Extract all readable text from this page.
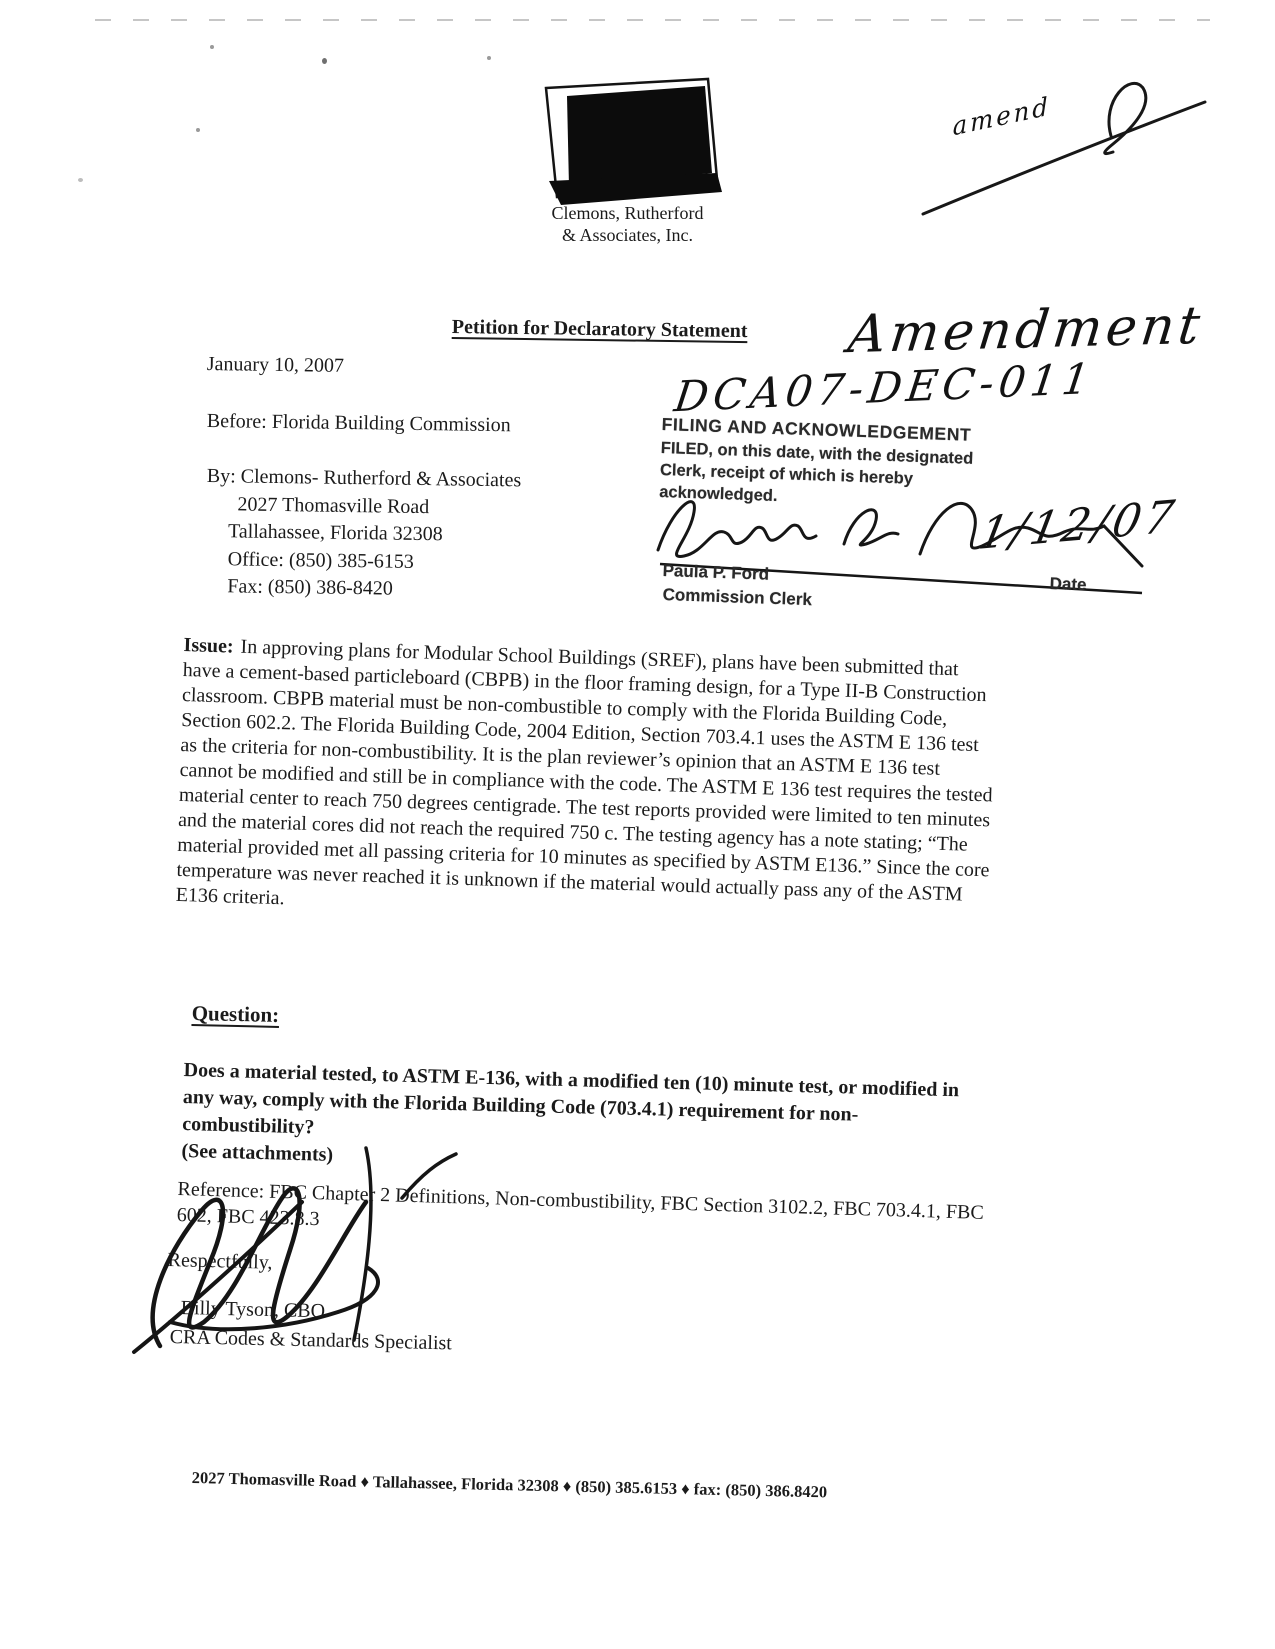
Clemons, Rutherford
& Associates, Inc.
amend
Petition for Declaratory Statement Amendment
DCA07-DEC-011
January 10, 2007
Before: Florida Building Commission
By: Clemons- Rutherford & Associates
2027 Thomasville Road
Tallahassee, Florida 32308
Office: (850) 385-6153
Fax: (850) 386-8420
FILING AND ACKNOWLEDGEMENT
FILED, on this date, with the designated
Clerk, receipt of which is hereby
acknowledged.
Paula P. Ford
Commission Clerk
Date
1/12/07
Issue: In approving plans for Modular School Buildings (SREF), plans have been submitted that have a cement-based particleboard (CBPB) in the floor framing design, for a Type II-B Construction classroom. CBPB material must be non-combustible to comply with the Florida Building Code, Section 602.2. The Florida Building Code, 2004 Edition, Section 703.4.1 uses the ASTM E 136 test as the criteria for non-combustibility. It is the plan reviewer’s opinion that an ASTM E 136 test cannot be modified and still be in compliance with the code. The ASTM E 136 test requires the tested material center to reach 750 degrees centigrade. The test reports provided were limited to ten minutes and the material cores did not reach the required 750 c. The testing agency has a note stating; “The material provided met all passing criteria for 10 minutes as specified by ASTM E136.” Since the core temperature was never reached it is unknown if the material would actually pass any of the ASTM E136 criteria.
Question:
Does a material tested, to ASTM E-136, with a modified ten (10) minute test, or modified in any way, comply with the Florida Building Code (703.4.1) requirement for non-combustibility?
(See attachments)
Reference: FBC Chapter 2 Definitions, Non-combustibility, FBC Section 3102.2, FBC 703.4.1, FBC 602, FBC 423.8.3
Respectfully,
Billy Tyson, CBO
CRA Codes & Standards Specialist
2027 Thomasville Road ♦ Tallahassee, Florida 32308 ♦ (850) 385.6153 ♦ fax: (850) 386.8420
